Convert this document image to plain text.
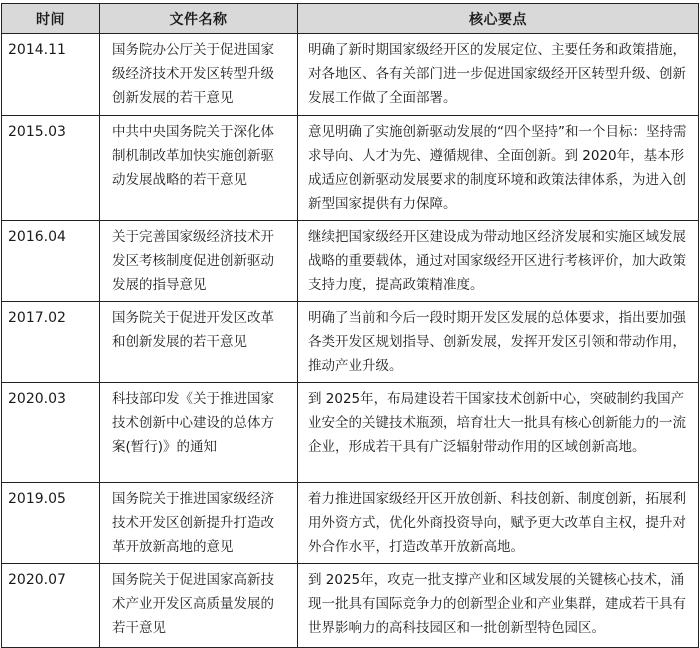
时间	文件名称	核心要点
2014.11	国务院办公厅关于促进国家级经济技术开发区转型升级创新发展的若干意见	明确了新时期国家级经开区的发展定位、主要任务和政策措施，对各地区、各有关部门进一步促进国家级经开区转型升级、创新发展工作做了全面部署。
2015.03	中共中央国务院关于深化体制机制改革加快实施创新驱动发展战略的若干意见	意见明确了实施创新驱动发展的“四个坚持”和一个目标：坚持需求导向、人才为先、遵循规律、全面创新。到 2020年，基本形成适应创新驱动发展要求的制度环境和政策法律体系，为进入创新型国家提供有力保障。
2016.04	关于完善国家级经济技术开发区考核制度促进创新驱动发展的指导意见	继续把国家级经开区建设成为带动地区经济发展和实施区域发展战略的重要载体，通过对国家级经开区进行考核评价，加大政策支持力度，提高政策精准度。
2017.02	国务院关于促进开发区改革和创新发展的若干意见	明确了当前和今后一段时期开发区发展的总体要求，指出要加强各类开发区规划指导、创新发展，发挥开发区引领和带动作用，推动产业升级。
2020.03	科技部印发《关于推进国家技术创新中心建设的总体方案(暂行)》的通知	到 2025年，布局建设若干国家技术创新中心，突破制约我国产业安全的关键技术瓶颈，培育壮大一批具有核心创新能力的一流企业，形成若干具有广泛辐射带动作用的区域创新高地。
2019.05	国务院关于推进国家级经济技术开发区创新提升打造改革开放新高地的意见	着力推进国家级经开区开放创新、科技创新、制度创新，拓展利用外资方式，优化外商投资导向，赋予更大改革自主权，提升对外合作水平，打造改革开放新高地。
2020.07	国务院关于促进国家高新技术产业开发区高质量发展的若干意见	到 2025年，攻克一批支撑产业和区域发展的关键核心技术，涌现一批具有国际竞争力的创新型企业和产业集群，建成若干具有世界影响力的高科技园区和一批创新型特色园区。
